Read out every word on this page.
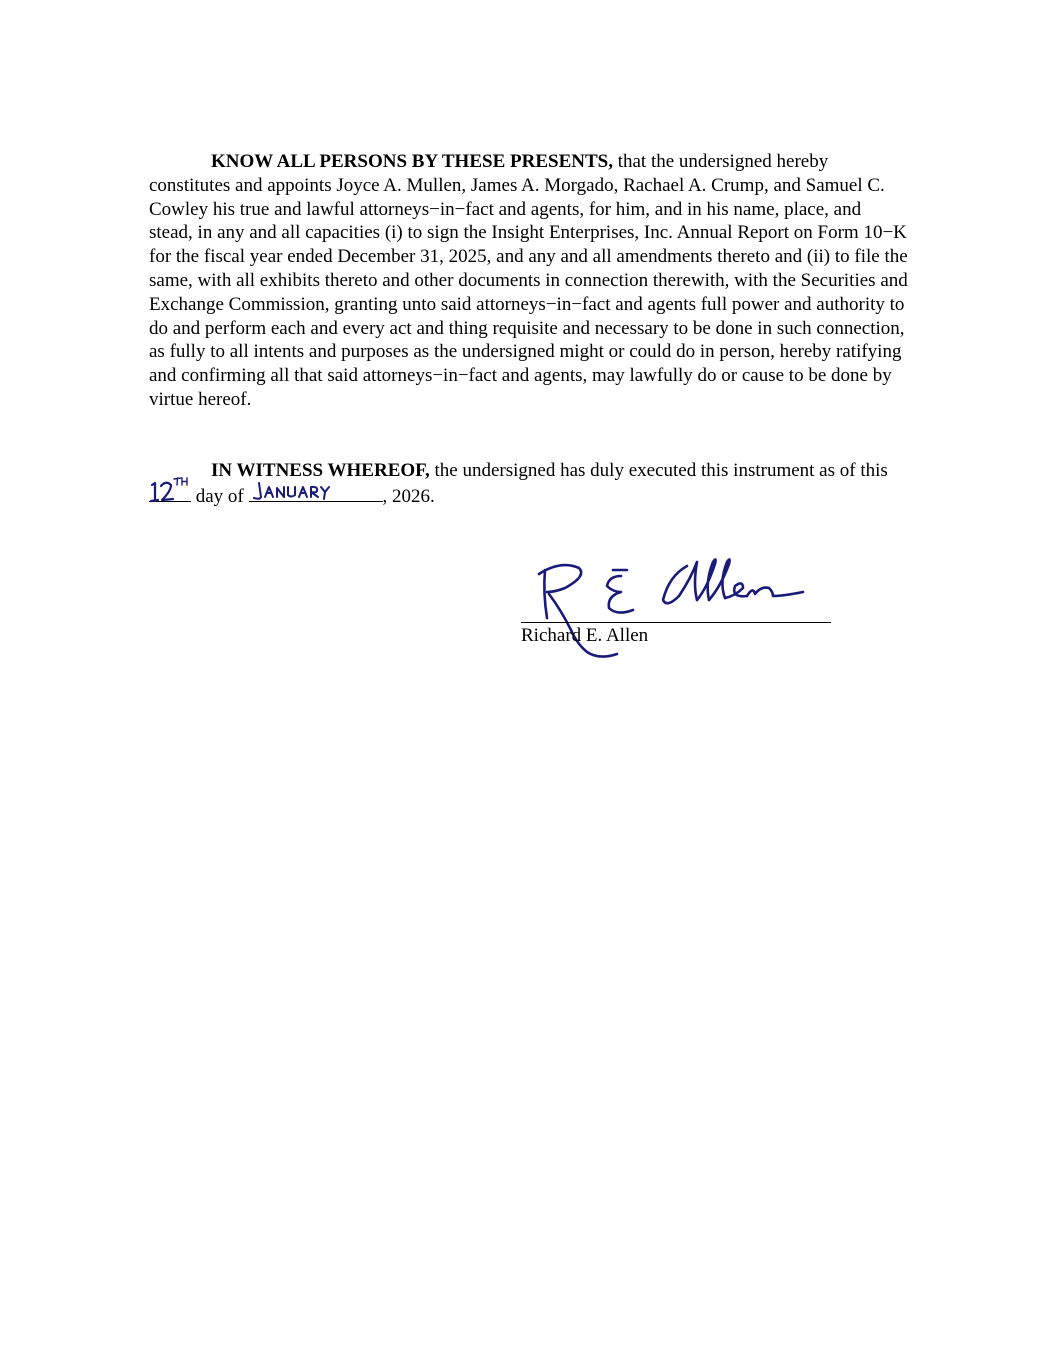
KNOW ALL PERSONS BY THESE PRESENTS, that the undersigned hereby constitutes and appoints Joyce A. Mullen, James A. Morgado, Rachael A. Crump, and Samuel C. Cowley his true and lawful attorneys−in−fact and agents, for him, and in his name, place, and stead, in any and all capacities (i) to sign the Insight Enterprises, Inc. Annual Report on Form 10−K for the fiscal year ended December 31, 2025, and any and all amendments thereto and (ii) to file the same, with all exhibits thereto and other documents in connection therewith, with the Securities and Exchange Commission, granting unto said attorneys−in−fact and agents full power and authority to do and perform each and every act and thing requisite and necessary to be done in such connection, as fully to all intents and purposes as the undersigned might or could do in person, hereby ratifying and confirming all that said attorneys−in−fact and agents, may lawfully do or cause to be done by virtue hereof.

IN WITNESS WHEREOF, the undersigned has duly executed this instrument as of this
day of	, 2026.

Richard E. Allen
